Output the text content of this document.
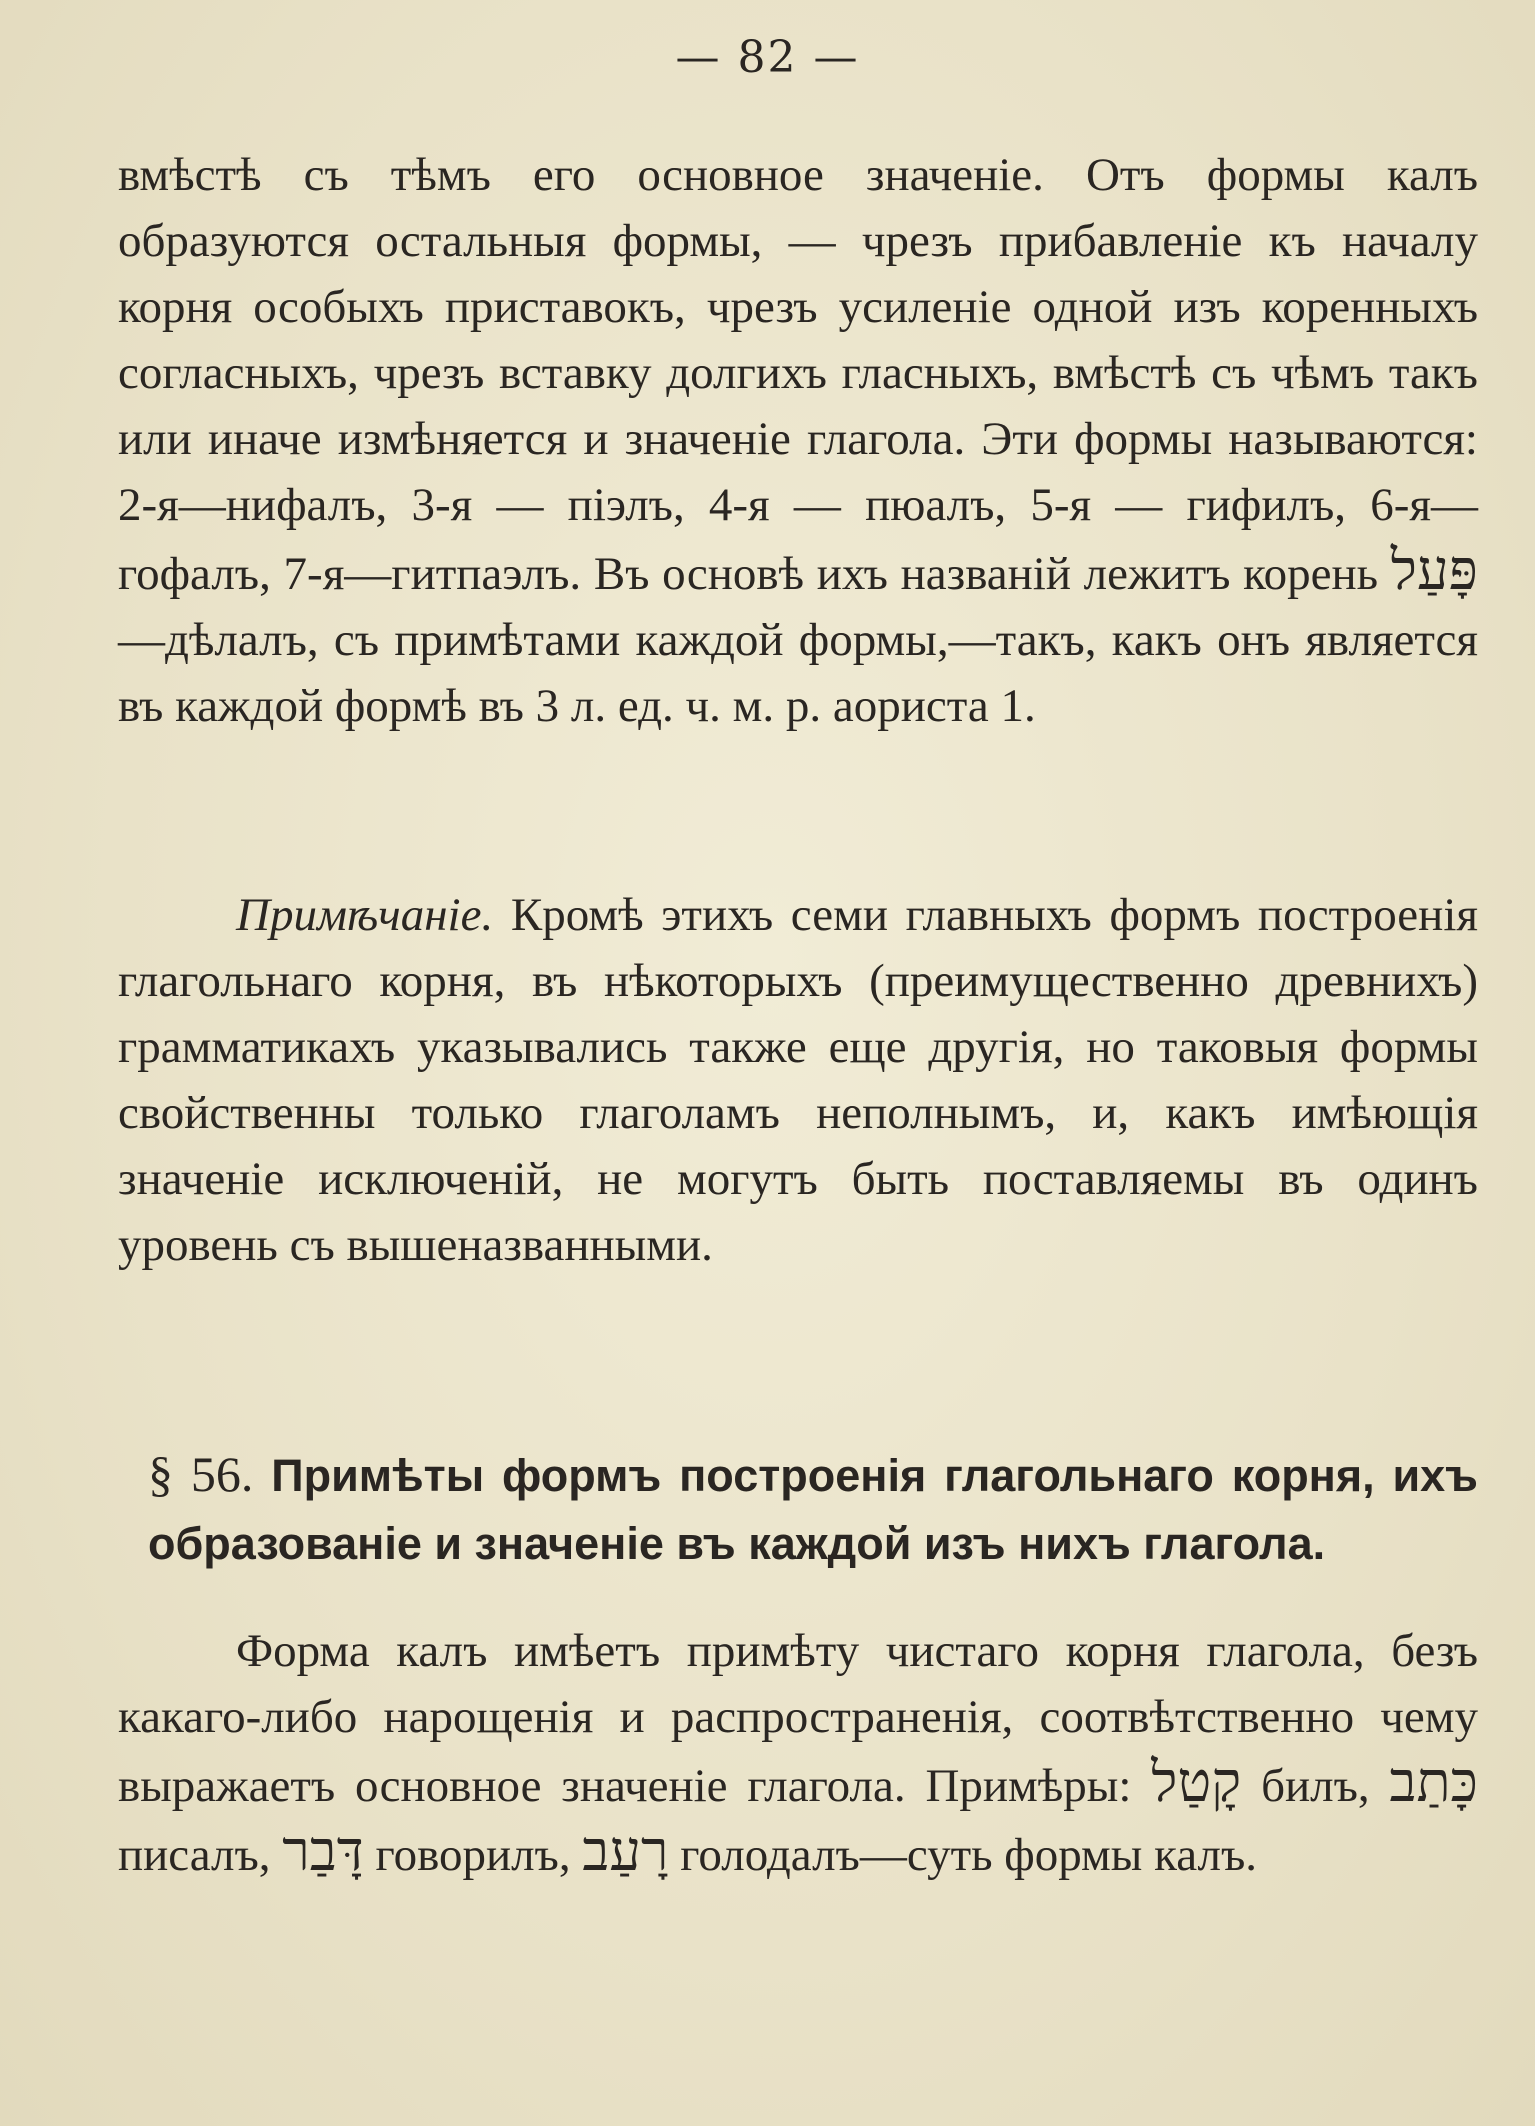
— 82 —

вмѣстѣ съ тѣмъ его основное значеніе. Отъ формы калъ образуются остальныя формы, — чрезъ прибавленіе къ началу корня особыхъ приставокъ, чрезъ усиленіе одной изъ коренныхъ согласныхъ, чрезъ вставку долгихъ гласныхъ, вмѣстѣ съ чѣмъ такъ или иначе измѣняется и значеніе глагола. Эти формы называются: 2-я—нифалъ, 3-я — піэлъ, 4-я — пюалъ, 5-я — гифилъ, 6-я—гофалъ, 7-я—гитпаэлъ. Въ основѣ ихъ названій лежитъ корень פָּעַל—дѣлалъ, съ примѣтами каждой формы,—такъ, какъ онъ является въ каждой формѣ въ 3 л. ед. ч. м. р. аориста 1.

Примѣчаніе. Кромѣ этихъ семи главныхъ формъ построенія глагольнаго корня, въ нѣкоторыхъ (преимущественно древнихъ) грамматикахъ указывались также еще другія, но таковыя формы свойственны только глаголамъ неполнымъ, и, какъ имѣющія значеніе исключеній, не могутъ быть поставляемы въ одинъ уровень съ вышеназванными.

§ 56. Примѣты формъ построенія глагольнаго корня, ихъ образованіе и значеніе въ каждой изъ нихъ глагола.

Форма калъ имѣетъ примѣту чистаго корня глагола, безъ какаго-либо нарощенія и распространенія, соотвѣтственно чему выражаетъ основное значеніе глагола. Примѣры: קָטַל билъ, כָּתַב писалъ, דָּבַר говорилъ, רָעַב голодалъ—суть формы калъ.
